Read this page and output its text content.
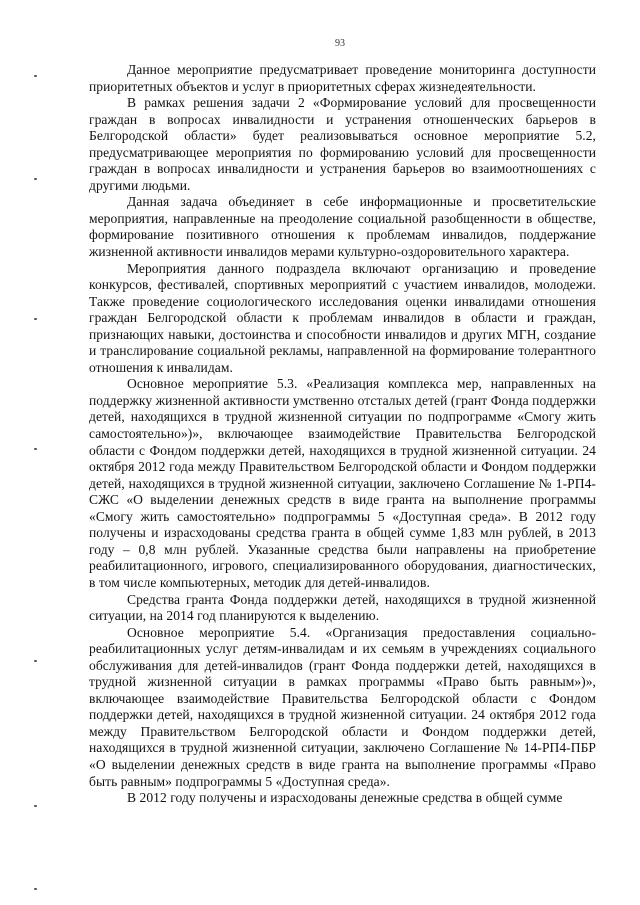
93

Данное мероприятие предусматривает проведение мониторинга доступности приоритетных объектов и услуг в приоритетных сферах жизнедеятельности.

В рамках решения задачи 2 «Формирование условий для просвещенности граждан в вопросах инвалидности и устранения отношенческих барьеров в Белгородской области» будет реализовываться основное мероприятие 5.2, предусматривающее мероприятия по формированию условий для просвещенности граждан в вопросах инвалидности и устранения барьеров во взаимоотношениях с другими людьми.

Данная задача объединяет в себе информационные и просветительские мероприятия, направленные на преодоление социальной разобщенности в обществе, формирование позитивного отношения к проблемам инвалидов, поддержание жизненной активности инвалидов мерами культурно-оздоровительного характера.

Мероприятия данного подраздела включают организацию и проведение конкурсов, фестивалей, спортивных мероприятий с участием инвалидов, молодежи. Также проведение социологического исследования оценки инвалидами отношения граждан Белгородской области к проблемам инвалидов в области и граждан, признающих навыки, достоинства и способности инвалидов и других МГН, создание и транслирование социальной рекламы, направленной на формирование толерантного отношения к инвалидам.

Основное мероприятие 5.3. «Реализация комплекса мер, направленных на поддержку жизненной активности умственно отсталых детей (грант Фонда поддержки детей, находящихся в трудной жизненной ситуации по подпрограмме «Смогу жить самостоятельно»)», включающее взаимодействие Правительства Белгородской области с Фондом поддержки детей, находящихся в трудной жизненной ситуации. 24 октября 2012 года между Правительством Белгородской области и Фондом поддержки детей, находящихся в трудной жизненной ситуации, заключено Соглашение № 1-РП4-СЖС «О выделении денежных средств в виде гранта на выполнение программы «Смогу жить самостоятельно» подпрограммы 5 «Доступная среда». В 2012 году получены и израсходованы средства гранта в общей сумме 1,83 млн рублей, в 2013 году – 0,8 млн рублей. Указанные средства были направлены на приобретение реабилитационного, игрового, специализированного оборудования, диагностических, в том числе компьютерных, методик для детей-инвалидов.

Средства гранта Фонда поддержки детей, находящихся в трудной жизненной ситуации, на 2014 год планируются к выделению.

Основное мероприятие 5.4. «Организация предоставления социально-реабилитационных услуг детям-инвалидам и их семьям в учреждениях социального обслуживания для детей-инвалидов (грант Фонда поддержки детей, находящихся в трудной жизненной ситуации в рамках программы «Право быть равным»)», включающее взаимодействие Правительства Белгородской области с Фондом поддержки детей, находящихся в трудной жизненной ситуации. 24 октября 2012 года между Правительством Белгородской области и Фондом поддержки детей, находящихся в трудной жизненной ситуации, заключено Соглашение № 14-РП4-ПБР «О выделении денежных средств в виде гранта на выполнение программы «Право быть равным» подпрограммы 5 «Доступная среда».

В 2012 году получены и израсходованы денежные средства в общей сумме
